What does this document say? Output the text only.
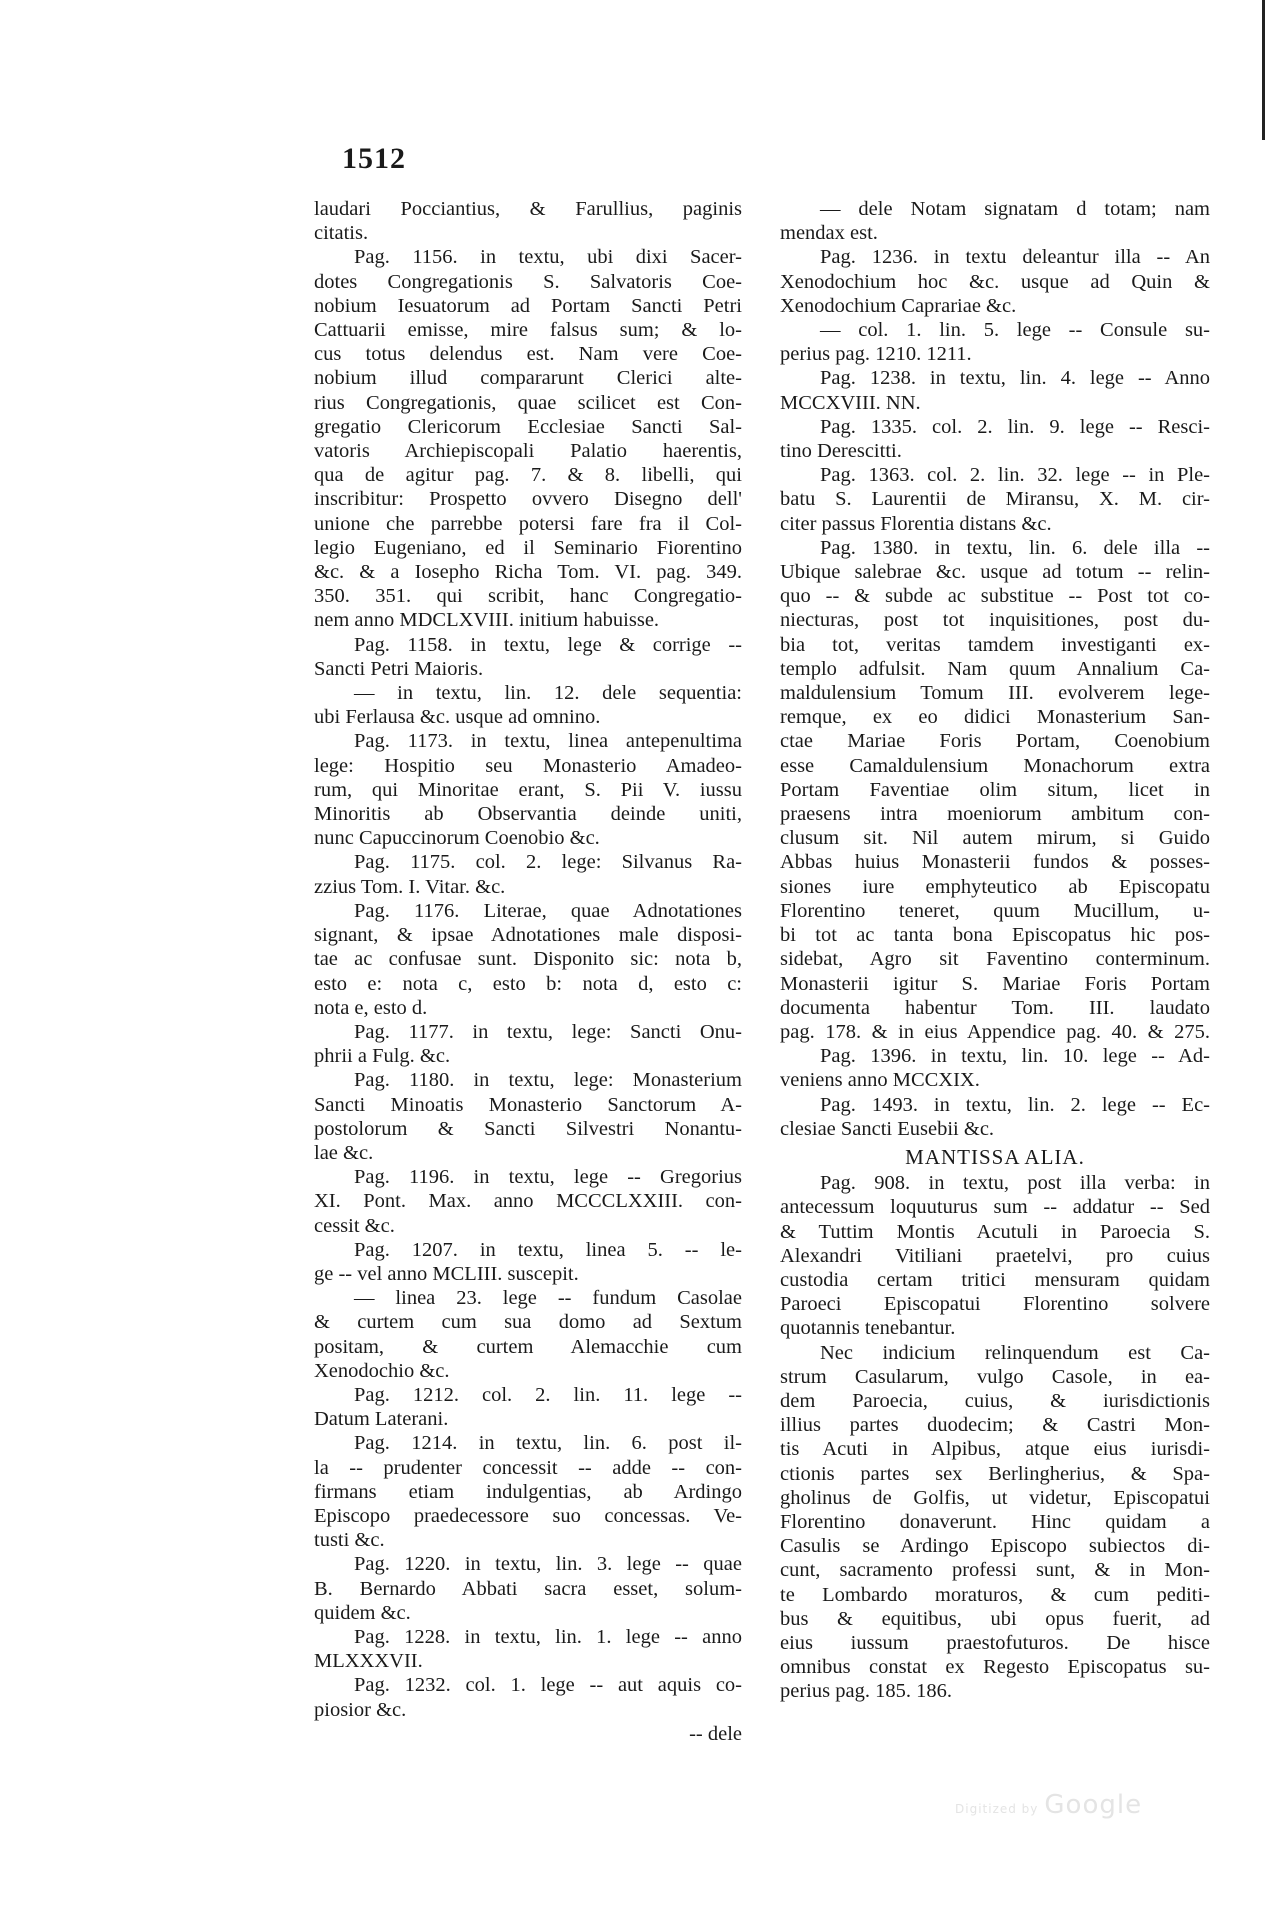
1512
laudari Pocciantius, & Farullius, paginis
citatis.
Pag. 1156. in textu, ubi dixi Sacer-
dotes Congregationis S. Salvatoris Coe-
nobium Iesuatorum ad Portam Sancti Petri
Cattuarii emisse, mire falsus sum; & lo-
cus totus delendus est. Nam vere Coe-
nobium illud compararunt Clerici alte-
rius Congregationis, quae scilicet est Con-
gregatio Clericorum Ecclesiae Sancti Sal-
vatoris Archiepiscopali Palatio haerentis,
qua de agitur pag. 7. & 8. libelli, qui
inscribitur: Prospetto ovvero Disegno dell'
unione che parrebbe potersi fare fra il Col-
legio Eugeniano, ed il Seminario Fiorentino
&c. & a Iosepho Richa Tom. VI. pag. 349.
350. 351. qui scribit, hanc Congregatio-
nem anno MDCLXVIII. initium habuisse.
Pag. 1158. in textu, lege & corrige --
Sancti Petri Maioris.
— in textu, lin. 12. dele sequentia:
ubi Ferlausa &c. usque ad omnino.
Pag. 1173. in textu, linea antepenultima
lege: Hospitio seu Monasterio Amadeo-
rum, qui Minoritae erant, S. Pii V. iussu
Minoritis ab Observantia deinde uniti,
nunc Capuccinorum Coenobio &c.
Pag. 1175. col. 2. lege: Silvanus Ra-
zzius Tom. I. Vitar. &c.
Pag. 1176. Literae, quae Adnotationes
signant, & ipsae Adnotationes male disposi-
tae ac confusae sunt. Disponito sic: nota b,
esto e: nota c, esto b: nota d, esto c:
nota e, esto d.
Pag. 1177. in textu, lege: Sancti Onu-
phrii a Fulg. &c.
Pag. 1180. in textu, lege: Monasterium
Sancti Minoatis Monasterio Sanctorum A-
postolorum & Sancti Silvestri Nonantu-
lae &c.
Pag. 1196. in textu, lege -- Gregorius
XI. Pont. Max. anno MCCCLXXIII. con-
cessit &c.
Pag. 1207. in textu, linea 5. -- le-
ge -- vel anno MCLIII. suscepit.
— linea 23. lege -- fundum Casolae
& curtem cum sua domo ad Sextum
positam, & curtem Alemacchie cum
Xenodochio &c.
Pag. 1212. col. 2. lin. 11. lege --
Datum Laterani.
Pag. 1214. in textu, lin. 6. post il-
la -- prudenter concessit -- adde -- con-
firmans etiam indulgentias, ab Ardingo
Episcopo praedecessore suo concessas. Ve-
tusti &c.
Pag. 1220. in textu, lin. 3. lege -- quae
B. Bernardo Abbati sacra esset, solum-
quidem &c.
Pag. 1228. in textu, lin. 1. lege -- anno
MLXXXVII.
Pag. 1232. col. 1. lege -- aut aquis co-
piosior &c.
-- dele
— dele Notam signatam d totam; nam
mendax est.
Pag. 1236. in textu deleantur illa -- An
Xenodochium hoc &c. usque ad Quin &
Xenodochium Caprariae &c.
— col. 1. lin. 5. lege -- Consule su-
perius pag. 1210. 1211.
Pag. 1238. in textu, lin. 4. lege -- Anno
MCCXVIII. NN.
Pag. 1335. col. 2. lin. 9. lege -- Resci-
tino Derescitti.
Pag. 1363. col. 2. lin. 32. lege -- in Ple-
batu S. Laurentii de Miransu, X. M. cir-
citer passus Florentia distans &c.
Pag. 1380. in textu, lin. 6. dele illa --
Ubique salebrae &c. usque ad totum -- relin-
quo -- & subde ac substitue -- Post tot co-
niecturas, post tot inquisitiones, post du-
bia tot, veritas tamdem investiganti ex-
templo adfulsit. Nam quum Annalium Ca-
maldulensium Tomum III. evolverem lege-
remque, ex eo didici Monasterium San-
ctae Mariae Foris Portam, Coenobium
esse Camaldulensium Monachorum extra
Portam Faventiae olim situm, licet in
praesens intra moeniorum ambitum con-
clusum sit. Nil autem mirum, si Guido
Abbas huius Monasterii fundos & posses-
siones iure emphyteutico ab Episcopatu
Florentino teneret, quum Mucillum, u-
bi tot ac tanta bona Episcopatus hic pos-
sidebat, Agro sit Faventino conterminum.
Monasterii igitur S. Mariae Foris Portam
documenta habentur Tom. III. laudato
pag. 178. & in eius Appendice pag. 40. & 275.
Pag. 1396. in textu, lin. 10. lege -- Ad-
veniens anno MCCXIX.
Pag. 1493. in textu, lin. 2. lege -- Ec-
clesiae Sancti Eusebii &c.
MANTISSA ALIA.
Pag. 908. in textu, post illa verba: in
antecessum loquuturus sum -- addatur -- Sed
& Tuttim Montis Acutuli in Paroecia S.
Alexandri Vitiliani praetelvi, pro cuius
custodia certam tritici mensuram quidam
Paroeci Episcopatui Florentino solvere
quotannis tenebantur.
Nec indicium relinquendum est Ca-
strum Casularum, vulgo Casole, in ea-
dem Paroecia, cuius, & iurisdictionis
illius partes duodecim; & Castri Mon-
tis Acuti in Alpibus, atque eius iurisdi-
ctionis partes sex Berlingherius, & Spa-
gholinus de Golfis, ut videtur, Episcopatui
Florentino donaverunt. Hinc quidam a
Casulis se Ardingo Episcopo subiectos di-
cunt, sacramento professi sunt, & in Mon-
te Lombardo moraturos, & cum pediti-
bus & equitibus, ubi opus fuerit, ad
eius iussum praestofuturos. De hisce
omnibus constat ex Regesto Episcopatus su-
perius pag. 185. 186.
Digitized by Google
